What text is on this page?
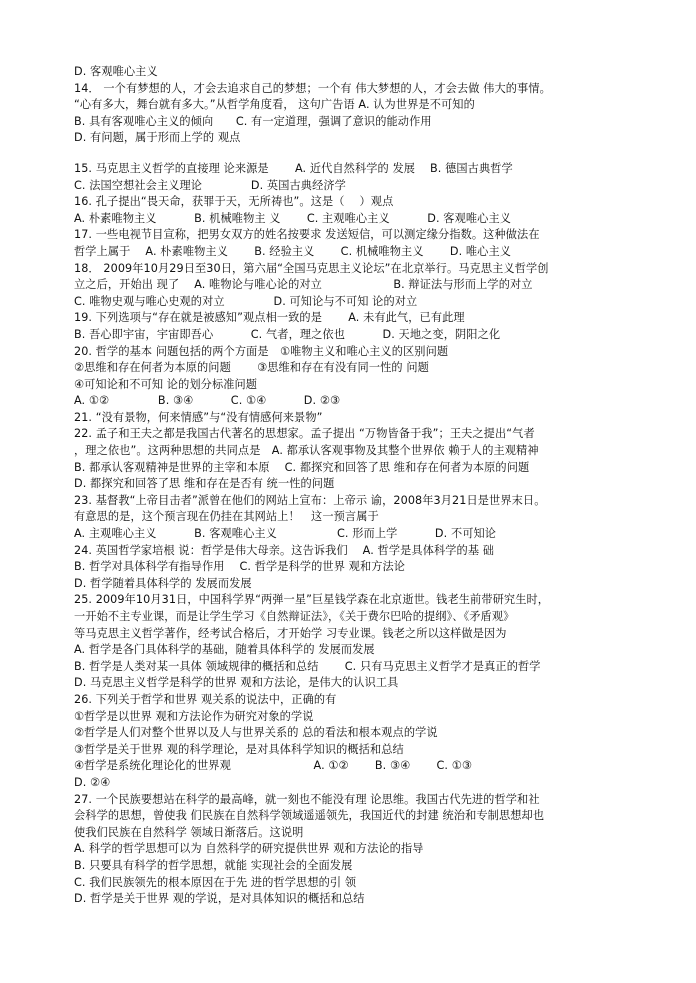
D. 客观唯心主义
14． 一个有梦想的人，才会去追求自己的梦想；一个有 伟大梦想的人，才会去做 伟大的事情。
“心有多大，舞台就有多大。”从哲学角度看， 这句广告语 A. 认为世界是不可知的
B. 具有客观唯心主义的倾向　　C. 有一定道理，强调了意识的能动作用
D. 有问题，属于形而上学的 观点
15. 马克思主义哲学的直接理 论来源是　　 A. 近代自然科学的 发展　 B. 德国古典哲学
C. 法国空想社会主义理论　　　　 D. 英国古典经济学
16. 孔子提出“畏天命，获罪于天，无所祷也”。这是（　 ）观点
A. 朴素唯物主义　　　 B. 机械唯物主 义　　 C. 主观唯心主义　　　 D. 客观唯心主义
17. 一些电视节目宣称，把男女双方的姓名按要求 发送短信，可以测定缘分指数。这种做法在
哲学上属于　 A. 朴素唯物主义　　 B. 经验主义　　 C. 机械唯物主义　　 D. 唯心主义
18． 2009年10月29日至30日，第六届“全国马克思主义论坛”在北京举行。马克思主义哲学创
立之后，开始出 现了　 A. 唯物论与唯心论的对立　　　　　　 B. 辩证法与形而上学的对立
C. 唯物史观与唯心史观的对立　　　　 D. 可知论与不可知 论的对立
19. 下列选项与“存在就是被感知”观点相一致的是　　 A. 未有此气，已有此理
B. 吾心即宇宙，宇宙即吾心　　　 C. 气者，理之依也　　　 D. 天地之变，阴阳之化
20. 哲学的基本 问题包括的两个方面是　①唯物主义和唯心主义的区别问题
②思维和存在何者为本原的问题　　 ③思维和存在有没有同一性的 问题
④可知论和不可知 论的划分标准问题
A. ①②　　　　 B. ③④　　　 C. ①④　　　 D. ②③
21. “没有景物，何来情感”与“没有情感何来景物”
22. 孟子和王夫之都是我国古代著名的思想家。孟子提出 “万物皆备于我”；王夫之提出“气者
，理之依也”。这两种思想的共同点是　A. 都承认客观事物及其整个世界依 赖于人的主观精神
B. 都承认客观精神是世界的主宰和本原　 C. 都探究和回答了思 维和存在何者为本原的问题
D. 都探究和回答了思 维和存在是否有 统一性的问题
23. 基督教“上帝目击者”派曾在他们的网站上宣布：上帝示 谕，2008年3月21日是世界末日。
有意思的是，这个预言现在仍挂在其网站上！　这一预言属于
A. 主观唯心主义　　　 B. 客观唯心主义　　　　　 C. 形而上学　　　 D. 不可知论
24. 英国哲学家培根 说：哲学是伟大母亲。这告诉我们　 A. 哲学是具体科学的基 础
B. 哲学对具体科学有指导作用　 C. 哲学是科学的世界 观和方法论
D. 哲学随着具体科学的 发展而发展
25. 2009年10月31日，中国科学界“两弹一星”巨星钱学森在北京逝世。钱老生前带研究生时，
一开始不主专业课，而是让学生学习《自然辩证法》，《关于费尔巴哈的提纲》、《矛盾观》
等马克思主义哲学著作，经考试合格后，才开始学 习专业课。钱老之所以这样做是因为
A. 哲学是各门具体科学的基础，随着具体科学的 发展而发展
B. 哲学是人类对某一具体 领域规律的概括和总结　　 C. 只有马克思主义哲学才是真正的哲学
D. 马克思主义哲学是科学的世界 观和方法论，是伟大的认识工具
26. 下列关于哲学和世界 观关系的说法中，正确的有
①哲学是以世界 观和方法论作为研究对象的学说
②哲学是人们对整个世界以及人与世界关系的 总的看法和根本观点的学说
③哲学是关于世界 观的科学理论，是对具体科学知识的概括和总结
④哲学是系统化理论化的世界观　　　　　　　 A. ①②　　 B. ③④　　 C. ①③
D. ②④
27. 一个民族要想站在科学的最高峰，就一刻也不能没有理 论思维。我国古代先进的哲学和社
会科学的思想，曾使我 们民族在自然科学领域遥遥领先，我国近代的封建 统治和专制思想却也
使我们民族在自然科学 领域日渐落后。这说明
A. 科学的哲学思想可以为 自然科学的研究提供世界 观和方法论的指导
B. 只要具有科学的哲学思想，就能 实现社会的全面发展
C. 我们民族领先的根本原因在于先 进的哲学思想的引 领
D. 哲学是关于世界 观的学说，是对具体知识的概括和总结
